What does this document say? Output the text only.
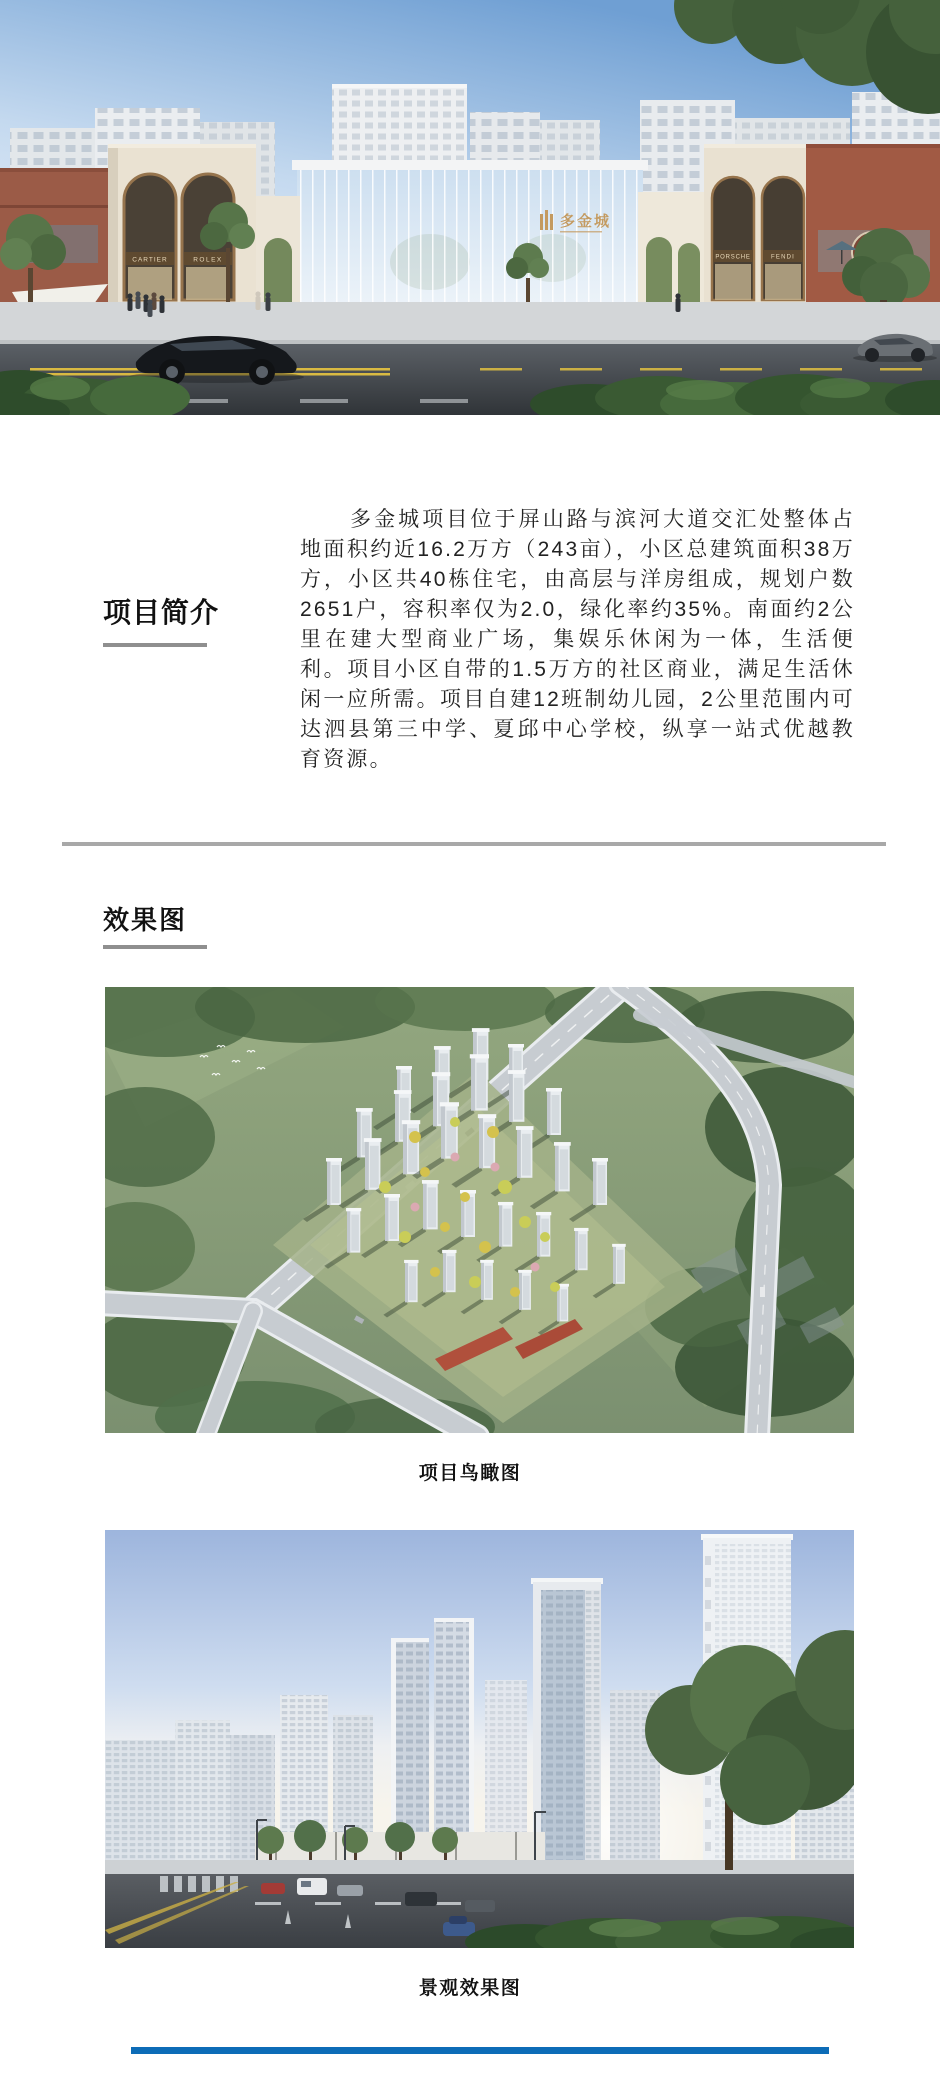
多金城
CARTIER	ROLEX	PORSCHE	FENDI
项目简介

多金城项目位于屏山路与滨河大道交汇处整体占地面积约近16.2万方（243亩），小区总建筑面积38万方，小区共40栋住宅，由高层与洋房组成，规划户数2651户，容积率仅为2.0，绿化率约35%。南面约2公里在建大型商业广场，集娱乐休闲为一体，生活便利。项目小区自带的1.5万方的社区商业，满足生活休闲一应所需。项目自建12班制幼儿园，2公里范围内可达泗县第三中学、夏邱中心学校，纵享一站式优越教育资源。

效果图
项目鸟瞰图
景观效果图
